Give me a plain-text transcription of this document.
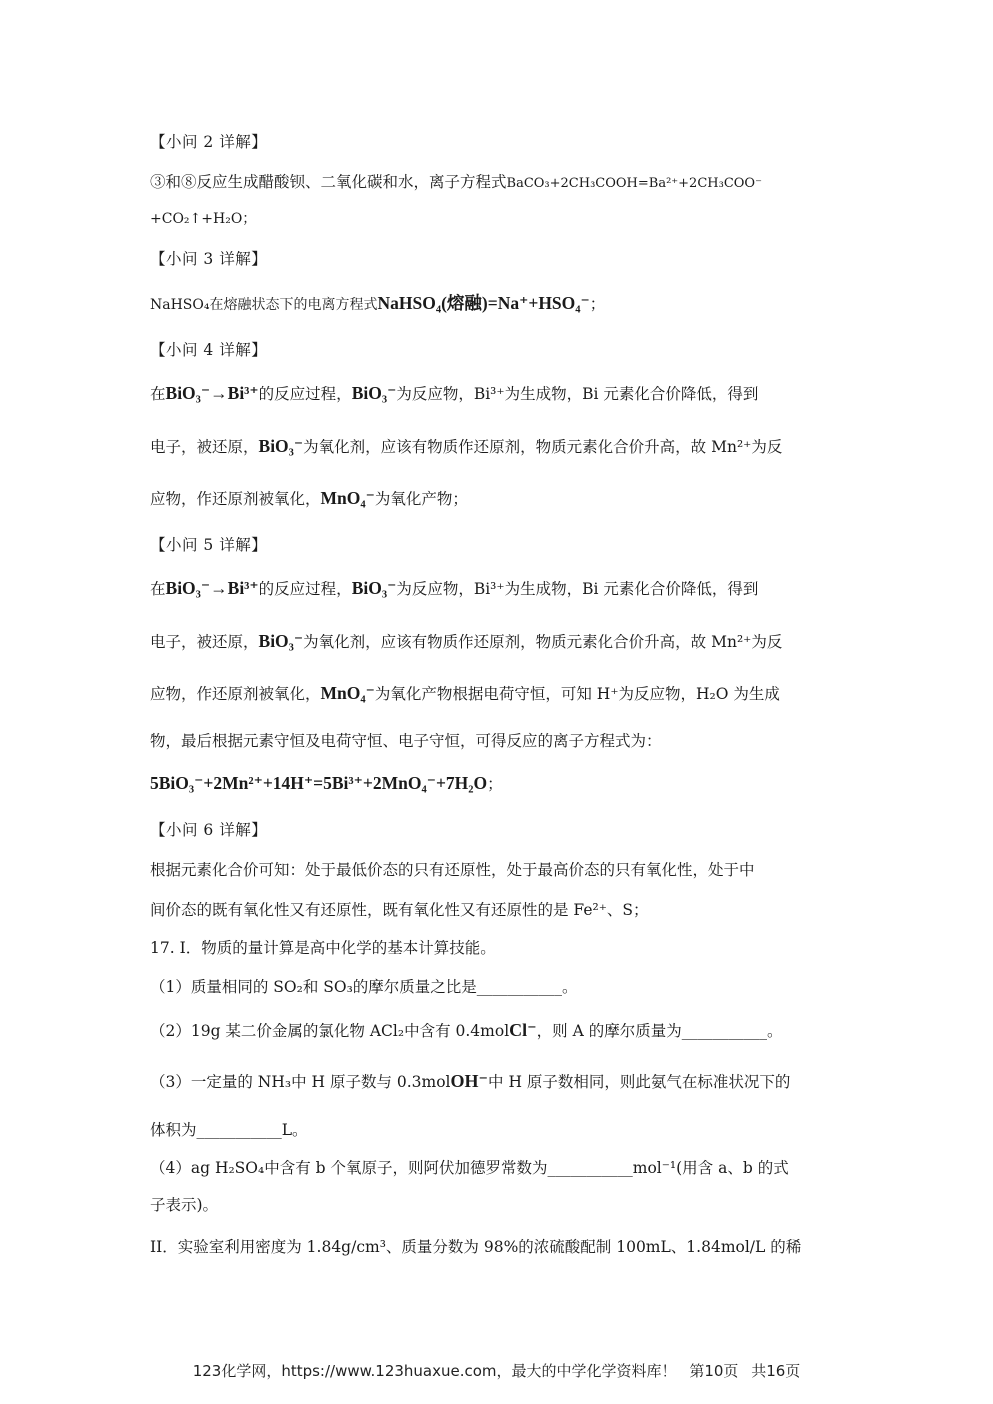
【小问 2 详解】
③和⑧反应生成醋酸钡、二氧化碳和水，离子方程式BaCO₃+2CH₃COOH=Ba²⁺+2CH₃COO⁻
+CO₂↑+H₂O；
【小问 3 详解】
NaHSO₄在熔融状态下的电离方程式NaHSO₄(熔融)=Na⁺+HSO₄⁻；
【小问 4 详解】
在BiO₃⁻→Bi³⁺的反应过程，BiO₃⁻为反应物，Bi³⁺为生成物，Bi 元素化合价降低，得到
电子，被还原，BiO₃⁻为氧化剂，应该有物质作还原剂，物质元素化合价升高，故 Mn²⁺为反
应物，作还原剂被氧化，MnO₄⁻为氧化产物；
【小问 5 详解】
在BiO₃⁻→Bi³⁺的反应过程，BiO₃⁻为反应物，Bi³⁺为生成物，Bi 元素化合价降低，得到
电子，被还原，BiO₃⁻为氧化剂，应该有物质作还原剂，物质元素化合价升高，故 Mn²⁺为反
应物，作还原剂被氧化，MnO₄⁻为氧化产物根据电荷守恒，可知 H⁺为反应物，H₂O 为生成
物，最后根据元素守恒及电荷守恒、电子守恒，可得反应的离子方程式为：
5BiO₃⁻+2Mn²⁺+14H⁺=5Bi³⁺+2MnO₄⁻+7H₂O；
【小问 6 详解】
根据元素化合价可知：处于最低价态的只有还原性，处于最高价态的只有氧化性，处于中
间价态的既有氧化性又有还原性，既有氧化性又有还原性的是 Fe²⁺、S；
17. I．物质的量计算是高中化学的基本计算技能。
（1）质量相同的 SO₂和 SO₃的摩尔质量之比是___________。
（2）19g 某二价金属的氯化物 ACl₂中含有 0.4molCl⁻，则 A 的摩尔质量为___________。
（3）一定量的 NH₃中 H 原子数与 0.3molOH⁻中 H 原子数相同，则此氨气在标准状况下的
体积为___________L。
（4）ag H₂SO₄中含有 b 个氧原子，则阿伏加德罗常数为___________mol⁻¹(用含 a、b 的式
子表示)。
II．实验室利用密度为 1.84g/cm³、质量分数为 98%的浓硫酸配制 100mL、1.84mol/L 的稀
123化学网，https://www.123huaxue.com，最大的中学化学资料库！ 第10页 共16页
